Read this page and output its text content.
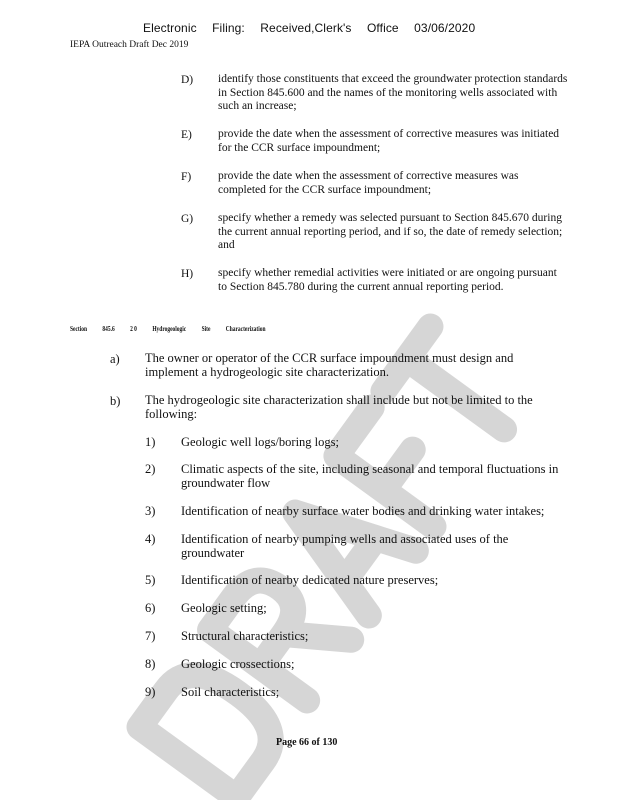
Electronic Filing: Received,Clerk's Office 03/06/2020
IEPA Outreach Draft Dec 2019
D) identify those constituents that exceed the groundwater protection standards in Section 845.600 and the names of the monitoring wells associated with such an increase;
E) provide the date when the assessment of corrective measures was initiated for the CCR surface impoundment;
F) provide the date when the assessment of corrective measures was completed for the CCR surface impoundment;
G) specify whether a remedy was selected pursuant to Section 845.670 during the current annual reporting period, and if so, the date of remedy selection; and
H) specify whether remedial activities were initiated or are ongoing pursuant to Section 845.780 during the current annual reporting period.
Section 845.6 2 0 Hydrogeologic Site Characterization
a) The owner or operator of the CCR surface impoundment must design and implement a hydrogeologic site characterization.
b) The hydrogeologic site characterization shall include but not be limited to the following:
1) Geologic well logs/boring logs;
2) Climatic aspects of the site, including seasonal and temporal fluctuations in groundwater flow
3) Identification of nearby surface water bodies and drinking water intakes;
4) Identification of nearby pumping wells and associated uses of the groundwater
5) Identification of nearby dedicated nature preserves;
6) Geologic setting;
7) Structural characteristics;
8) Geologic crossections;
9) Soil characteristics;
Page 66 of 130
